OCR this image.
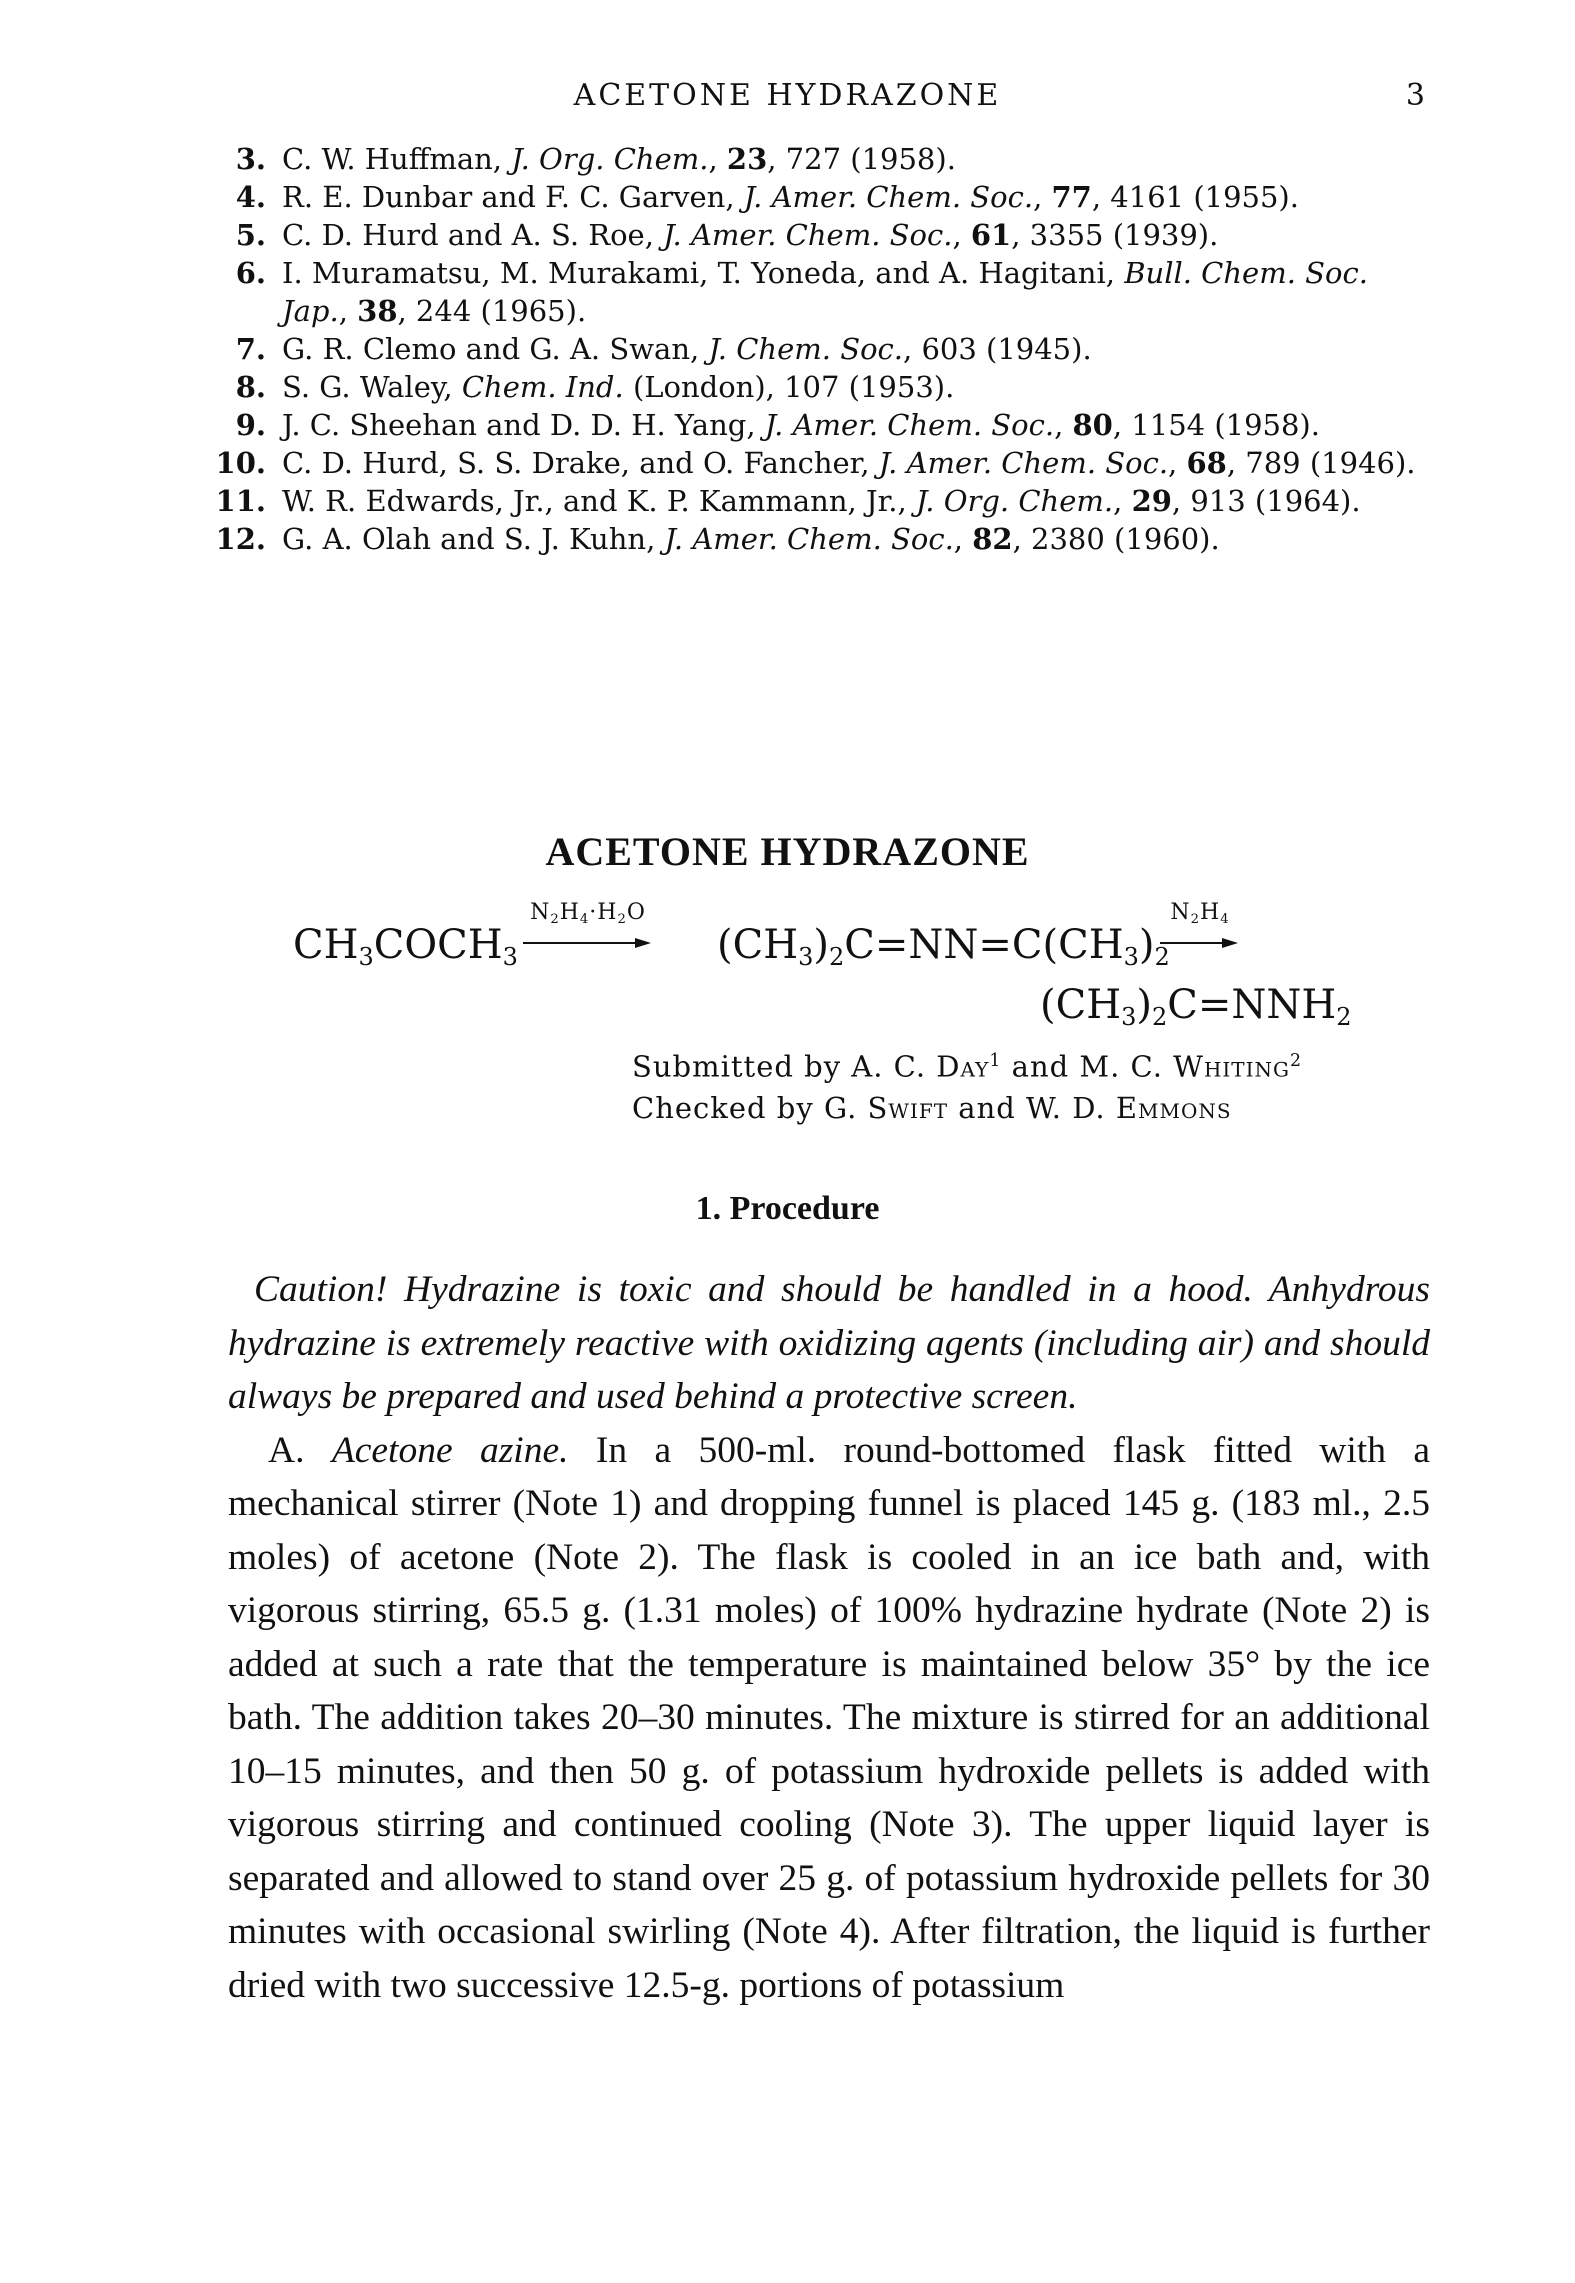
ACETONE HYDRAZONE	3
3. C. W. Huffman, J. Org. Chem., 23, 727 (1958).
4. R. E. Dunbar and F. C. Garven, J. Amer. Chem. Soc., 77, 4161 (1955).
5. C. D. Hurd and A. S. Roe, J. Amer. Chem. Soc., 61, 3355 (1939).
6. I. Muramatsu, M. Murakami, T. Yoneda, and A. Hagitani, Bull. Chem. Soc. Jap., 38, 244 (1965).
7. G. R. Clemo and G. A. Swan, J. Chem. Soc., 603 (1945).
8. S. G. Waley, Chem. Ind. (London), 107 (1953).
9. J. C. Sheehan and D. D. H. Yang, J. Amer. Chem. Soc., 80, 1154 (1958).
10. C. D. Hurd, S. S. Drake, and O. Fancher, J. Amer. Chem. Soc., 68, 789 (1946).
11. W. R. Edwards, Jr., and K. P. Kammann, Jr., J. Org. Chem., 29, 913 (1964).
12. G. A. Olah and S. J. Kuhn, J. Amer. Chem. Soc., 82, 2380 (1960).
ACETONE HYDRAZONE
$CH_3COCH_3$
$N_2H_4\cdot H_2O$
$(CH_3)_2C=NN=C(CH_3)_2$
$N_2H_4$
$(CH_3)_2C=NNH_2$
Submitted by A. C. Day$^1$ and M. C. Whiting$^2$
Checked by G. Swift and W. D. Emmons
1. Procedure

Caution! Hydrazine is toxic and should be handled in a hood. Anhydrous hydrazine is extremely reactive with oxidizing agents (including air) and should always be prepared and used behind a protective screen.

A. Acetone azine. In a 500-ml. round-bottomed flask fitted with a mechanical stirrer (Note 1) and dropping funnel is placed 145 g. (183 ml., 2.5 moles) of acetone (Note 2). The flask is cooled in an ice bath and, with vigorous stirring, 65.5 g. (1.31 moles) of 100% hydrazine hydrate (Note 2) is added at such a rate that the temperature is maintained below 35° by the ice bath. The addition takes 20–30 minutes. The mixture is stirred for an additional 10–15 minutes, and then 50 g. of potassium hydroxide pellets is added with vigorous stirring and continued cooling (Note 3). The upper liquid layer is separated and allowed to stand over 25 g. of potassium hydroxide pellets for 30 minutes with occasional swirling (Note 4). After filtration, the liquid is further dried with two successive 12.5-g. portions of potassium
